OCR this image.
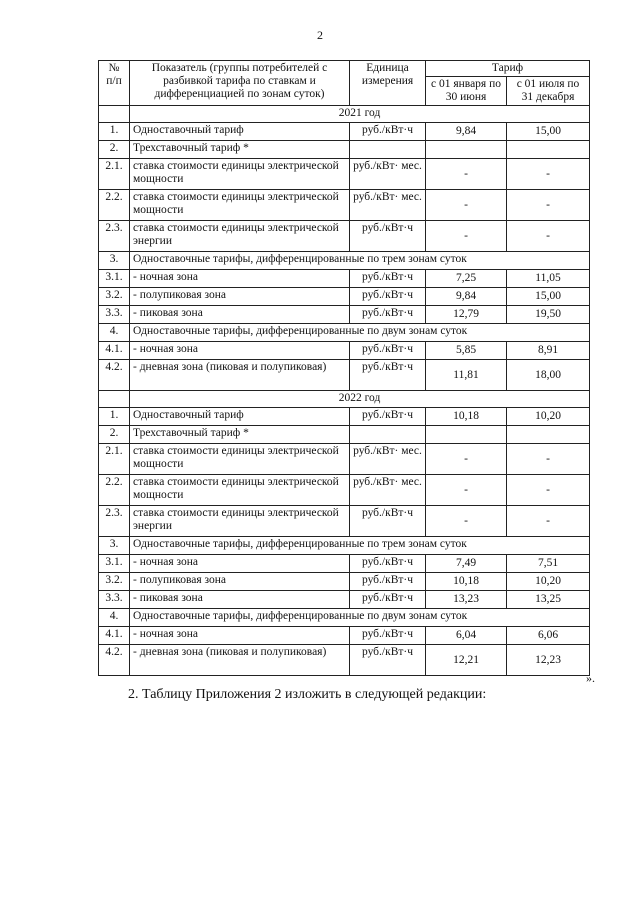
2
№
п/п	Показатель (группы потребителей с разбивкой тарифа по ставкам и дифференциацией по зонам суток)	Единица измерения	Тариф	
			с 01 января по 30 июня	с 01 июля по 31 декабря
	2021 год			
1.	Одноставочный тариф	руб./кВт·ч	9,84	15,00
2.	Трехставочный тариф *			
2.1.	ставка стоимости единицы электрической мощности	руб./кВт· мес.	-	-
2.2.	ставка стоимости единицы электрической мощности	руб./кВт· мес.	-	-
2.3.	ставка стоимости единицы электрической энергии	руб./кВт·ч	-	-
3.	Одноставочные тарифы, дифференцированные по трем зонам суток			
3.1.	- ночная зона	руб./кВт·ч	7,25	11,05
3.2.	- полупиковая зона	руб./кВт·ч	9,84	15,00
3.3.	- пиковая зона	руб./кВт·ч	12,79	19,50
4.	Одноставочные тарифы, дифференцированные по двум зонам суток			
4.1.	- ночная зона	руб./кВт·ч	5,85	8,91
4.2.	- дневная зона (пиковая и полупиковая)	руб./кВт·ч	11,81	18,00
	2022 год			
1.	Одноставочный тариф	руб./кВт·ч	10,18	10,20
2.	Трехставочный тариф *			
2.1.	ставка стоимости единицы электрической мощности	руб./кВт· мес.	-	-
2.2.	ставка стоимости единицы электрической мощности	руб./кВт· мес.	-	-
2.3.	ставка стоимости единицы электрической энергии	руб./кВт·ч	-	-
3.	Одноставочные тарифы, дифференцированные по трем зонам суток			
3.1.	- ночная зона	руб./кВт·ч	7,49	7,51
3.2.	- полупиковая зона	руб./кВт·ч	10,18	10,20
3.3.	- пиковая зона	руб./кВт·ч	13,23	13,25
4.	Одноставочные тарифы, дифференцированные по двум зонам суток			
4.1.	- ночная зона	руб./кВт·ч	6,04	6,06
4.2.	- дневная зона (пиковая и полупиковая)	руб./кВт·ч	12,21	12,23
».
2. Таблицу Приложения 2 изложить в следующей редакции:
